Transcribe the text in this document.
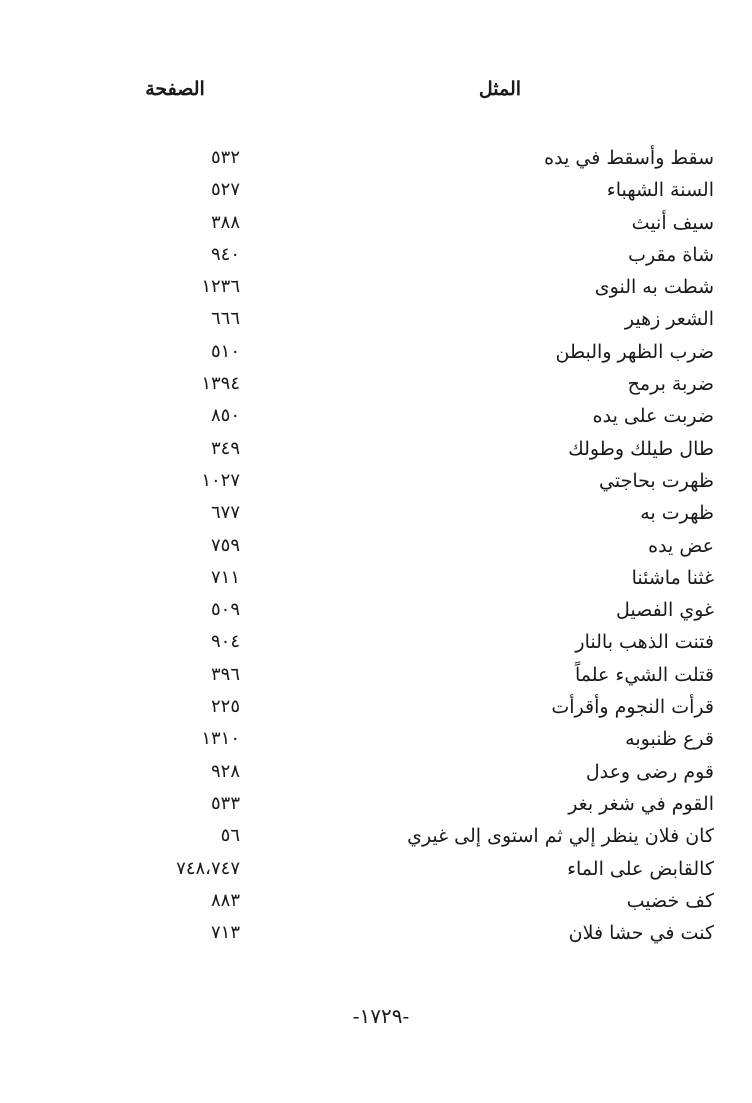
المثل
الصفحة
سقط وأسقط في يده
٥٣٢
السنة الشهباء
٥٢٧
سيف أنيث
٣٨٨
شاة مقرب
٩٤٠
شطت به النوى
١٢٣٦
الشعر زهير
٦٦٦
ضرب الظهر والبطن
٥١٠
ضربة برمح
١٣٩٤
ضربت على يده
٨٥٠
طال طيلك وطولك
٣٤٩
ظهرت بحاجتي
١٠٢٧
ظهرت به
٦٧٧
عض يده
٧٥٩
غثنا ماشئنا
٧١١
غوي الفصيل
٥٠٩
فتنت الذهب بالنار
٩٠٤
قتلت الشيء علماً
٣٩٦
قرأت النجوم وأقرأت
٢٢٥
قرع ظنبوبه
١٣١٠
قوم رضى وعدل
٩٢٨
القوم في شغر بغر
٥٣٣
كان فلان ينظر إلي ثم استوى إلى غيري
٥٦
كالقابض على الماء
٧٤٨،٧٤٧
كف خضيب
٨٨٣
كنت في حشا فلان
٧١٣
-١٧٢٩-
